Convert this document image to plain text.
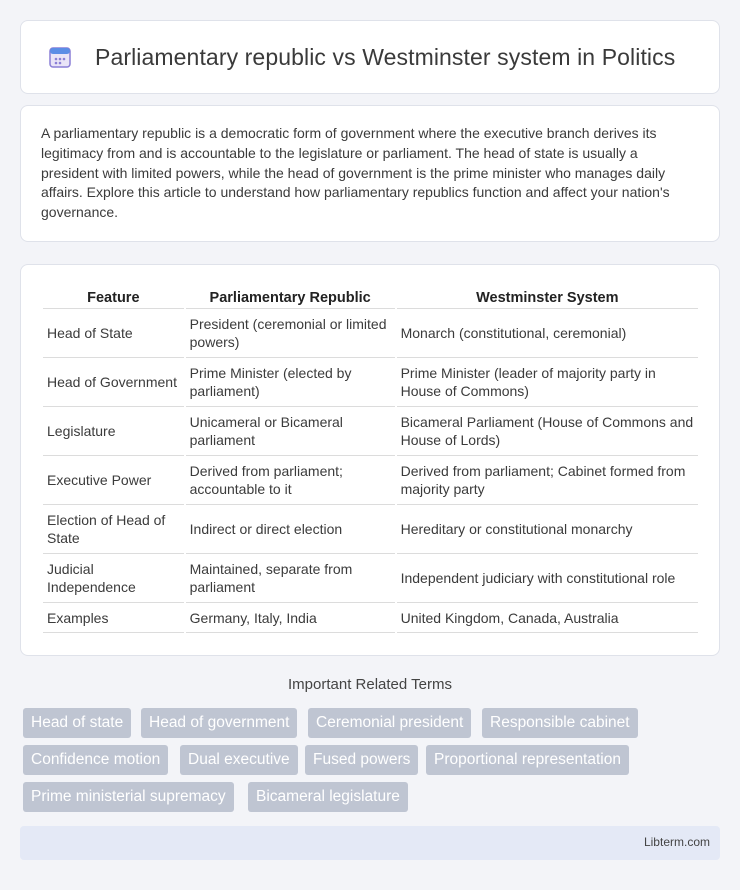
Parliamentary republic vs Westminster system in Politics

A parliamentary republic is a democratic form of government where the executive branch derives its legitimacy from and is accountable to the legislature or parliament. The head of state is usually a president with limited powers, while the head of government is the prime minister who manages daily affairs. Explore this article to understand how parliamentary republics function and affect your nation's governance.

Feature	Parliamentary Republic	Westminster System
Head of State	President (ceremonial or limited powers)	Monarch (constitutional, ceremonial)
Head of Government	Prime Minister (elected by parliament)	Prime Minister (leader of majority party in House of Commons)
Legislature	Unicameral or Bicameral parliament	Bicameral Parliament (House of Commons and House of Lords)
Executive Power	Derived from parliament; accountable to it	Derived from parliament; Cabinet formed from majority party
Election of Head of State	Indirect or direct election	Hereditary or constitutional monarchy
Judicial Independence	Maintained, separate from parliament	Independent judiciary with constitutional role
Examples	Germany, Italy, India	United Kingdom, Canada, Australia
Important Related Terms
Head of state	Head of government	Ceremonial president	Responsible cabinet
Confidence motion	Dual executive	Fused powers	Proportional representation
Prime ministerial supremacy	Bicameral legislature
Libterm.com
